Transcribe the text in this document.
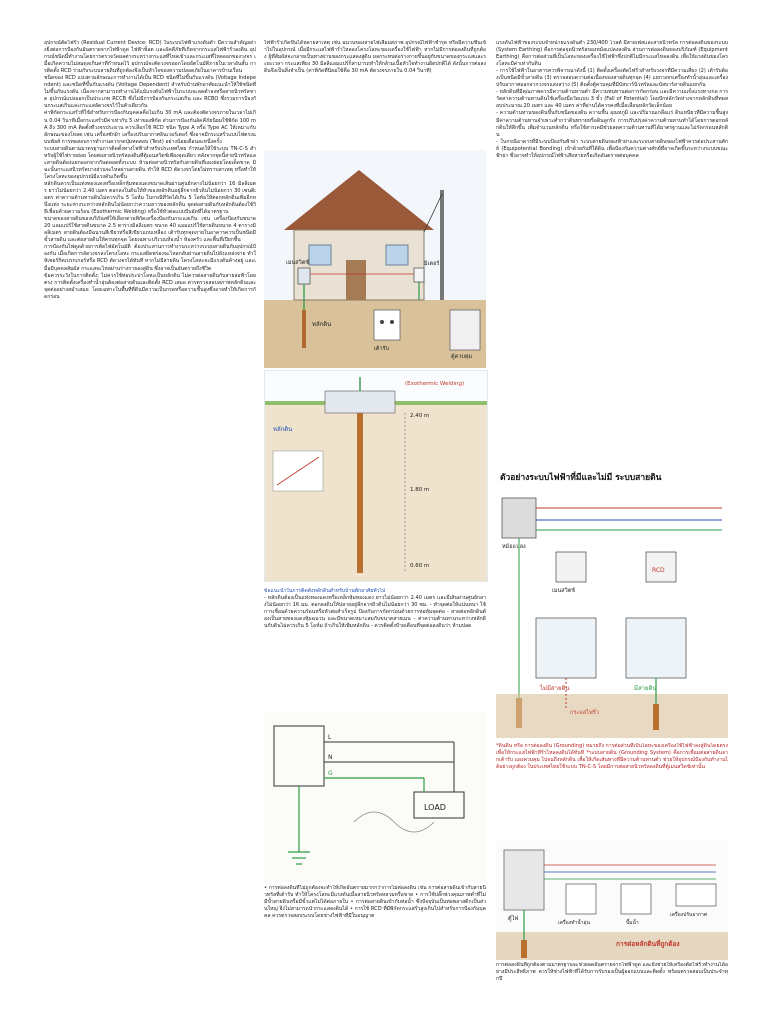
อุปกรณ์ตัดไฟรั่ว (Residual Current Device: RCD) ในระบบไฟฟ้าแรงดันต่ำ มีความสำคัญอย่างยิ่งต่อการป้องกันอันตรายจากไฟฟ้าดูด ไฟฟ้าช็อต และอัคคีภัยที่เกิดจากกระแสไฟฟ้ารั่วลงดิน อุปกรณ์ชนิดนี้ทำงานโดยการตรวจวัดผลต่างระหว่างกระแสที่ไหลเข้าและกระแสที่ไหลออกของวงจร เมื่อเกิดความไม่สมดุลเกินค่าที่กำหนดไว้ อุปกรณ์จะตัดวงจรออกโดยอัตโนมัติภายในเวลาอันสั้น การติดตั้ง RCD ร่วมกับระบบสายดินที่ถูกต้องจึงเป็นหัวใจของความปลอดภัยในอาคารบ้านเรือน

ชนิดของ RCD แบ่งตามลักษณะการทำงานได้เป็น RCD ชนิดที่ไม่ขึ้นกับแรงดัน (Voltage Independent) และชนิดที่ขึ้นกับแรงดัน (Voltage Dependent) สำหรับบ้านพักอาศัยแนะนำให้ใช้ชนิดที่ไม่ขึ้นกับแรงดัน เนื่องจากสามารถทำงานได้แม้แรงดันไฟฟ้าในระบบจะลดต่ำลงหรือสายนิวทรัลขาด อุปกรณ์แบ่งออกเป็นประเภท RCCB ซึ่งไม่มีการป้องกันกระแสเกิน และ RCBO ซึ่งรวมการป้องกันกระแสเกินและกระแสลัดวงจรไว้ในตัวเดียวกัน

ค่าพิกัดกระแสรั่วที่ใช้สำหรับการป้องกันบุคคลคือไม่เกิน 30 mA และต้องตัดวงจรภายในเวลาไม่เกิน 0.04 วินาทีเมื่อกระแสรั่วมีค่าเท่ากับ 5 เท่าของพิกัด ส่วนการป้องกันอัคคีภัยนิยมใช้พิกัด 100 mA ถึง 300 mA ติดตั้งที่วงจรประธาน ควรเลือกใช้ RCD ชนิด Type A หรือ Type AC ให้เหมาะกับลักษณะของโหลด เช่น เครื่องซักผ้า เครื่องปรับอากาศอินเวอร์เตอร์ ซึ่งอาจมีกระแสรั่วแบบไฟตรงแบบพัลส์ การทดสอบการทำงานควรกดปุ่มทดสอบ (Test) อย่างน้อยเดือนละหนึ่งครั้ง

ระบบสายดินตามมาตรฐานการติดตั้งทางไฟฟ้าสำหรับประเทศไทย กำหนดให้ใช้ระบบ TN-C-S สำหรับผู้ใช้ไฟรายย่อย โดยต่อสายนิวทรัลลงดินที่ตู้เมนสวิตช์เพียงจุดเดียว หลังจากจุดนี้สายนิวทรัลและสายดินต้องแยกออกจากกันตลอดทั้งระบบ ห้ามต่อสายนิวทรัลกับสายดินที่แผงย่อยโดยเด็ดขาด มิฉะนั้นกระแสนิวทรัลบางส่วนจะไหลผ่านสายดิน ทำให้ RCD ตัดวงจรโดยไม่ทราบสาเหตุ หรือทำให้โครงโลหะของอุปกรณ์มีแรงดันเกิดขึ้น

หลักดินควรเป็นแท่งทองแดงหรือเหล็กหุ้มทองแดงขนาดเส้นผ่านศูนย์กลางไม่น้อยกว่า 16 มิลลิเมตร ยาวไม่น้อยกว่า 2.40 เมตร ตอกลงในดินให้หัวของหลักดินอยู่ลึกจากผิวดินไม่น้อยกว่า 30 เซนติเมตร ค่าความต้านทานดินไม่ควรเกิน 5 โอห์ม ในกรณีที่วัดได้เกิน 5 โอห์มให้ตอกหลักดินเพิ่มอีกหนึ่งแท่ง ระยะห่างระหว่างหลักดินไม่น้อยกว่าความยาวของหลักดิน จุดต่อสายดินกับหลักดินต้องใช้วิธีเชื่อมด้วยความร้อน (Exothermic Welding) หรือใช้หัวต่อแบบบีบอัดที่ได้มาตรฐาน

ขนาดของสายดินของบริภัณฑ์ให้เลือกตามพิกัดเครื่องป้องกันกระแสเกิน เช่น เครื่องป้องกันขนาด 20 แอมแปร์ใช้สายดินขนาด 2.5 ตารางมิลลิเมตร ขนาด 40 แอมแปร์ใช้สายดินขนาด 4 ตารางมิลลิเมตร สายดินต้องมีฉนวนสีเขียวหรือสีเขียวแถบเหลือง เต้ารับทุกจุดภายในอาคารควรเป็นชนิดมีขั้วสายดิน และต่อสายดินให้ครบทุกจุด โดยเฉพาะบริเวณห้องน้ำ ห้องครัว และพื้นที่เปียกชื้น

การป้องกันไฟดูดด้วยการตัดไฟอัตโนมัติ ต้องประสานการทำงานระหว่างระบบสายดินกับอุปกรณ์ป้องกัน เมื่อเกิดการลัดวงจรลงโครงโลหะ กระแสผิดพร่องจะไหลกลับผ่านสายดินไปยังแหล่งจ่าย ทำให้เซอร์กิตเบรกเกอร์หรือ RCD ตัดวงจรได้ทันที หากไม่มีสายดิน โครงโลหะจะมีแรงดันค้างอยู่ และเมื่อมีบุคคลสัมผัส กระแสจะไหลผ่านร่างกายลงสู่ดิน ซึ่งอาจเป็นอันตรายถึงชีวิต

ข้อควรระวังในการติดตั้ง: ไม่ควรใช้ท่อประปาโลหะเป็นหลักดิน ไม่ควรต่อสายดินกับสายล่อฟ้าโดยตรง การติดตั้งเครื่องทำน้ำอุ่นต้องต่อสายดินและติดตั้ง RCD เสมอ ควรตรวจสอบสภาพหลักดินและจุดต่ออย่างสม่ำเสมอ โดยเฉพาะในพื้นที่ที่ดินมีความเป็นกรดหรือความชื้นสูงซึ่งอาจทำให้เกิดการกัดกร่อน

ไฟฟ้ารั่วเกิดขึ้นได้หลายสาเหตุ เช่น ฉนวนของสายไฟเสื่อมสภาพ อุปกรณ์ไฟฟ้าชำรุด หรือมีความชื้นเข้าไปในอุปกรณ์ เมื่อมีกระแสไฟฟ้ารั่วไหลลงโครงโลหะของเครื่องใช้ไฟฟ้า หากไม่มีการต่อลงดินที่ถูกต้อง ผู้ที่สัมผัสจะกลายเป็นทางผ่านของกระแสลงสู่ดิน ผลกระทบต่อร่างกายขึ้นอยู่กับขนาดของกระแสและระยะเวลา กระแสเพียง 30 มิลลิแอมแปร์ก็สามารถทำให้กล้ามเนื้อหัวใจทำงานผิดปกติได้ ดังนั้นการต่อลงดินจึงเป็นสิ่งจำเป็น (ค่าพิกัดที่นิยมใช้คือ 30 mA ตัดวงจรภายใน 0.04 วินาที)

หลักดิน
เมนสวิตช์	มิเตอร์
ตู้ควบคุม
เต้ารับ
2.40 m
1.80 m
0.60 m
(Exothermic Welding)
หลักดิน

ข้อแนะนำในการติดตั้งหลักดินสำหรับบ้านพักอาศัยทั่วไป

- หลักดินต้องเป็นแท่งทองแดงหรือเหล็กหุ้มทองแดง ยาวไม่น้อยกว่า 2.40 เมตร และมีเส้นผ่านศูนย์กลางไม่น้อยกว่า 16 มม. ตอกลงดินให้ปลายอยู่ลึกจากผิวดินไม่น้อยกว่า 30 ซม. - ทำจุดต่อให้แน่นหนา ใช้การเชื่อมด้วยความร้อนหรือหัวต่อสำเร็จรูป ป้องกันการกัดกร่อนด้วยการห่อหุ้มจุดต่อ - สายต่อหลักดินต้องเป็นสายทองแดงหุ้มฉนวน และมีขนาดเหมาะสมกับขนาดสายเมน - ค่าความต้านทานระหว่างหลักดินกับดินไม่ควรเกิน 5 โอห์ม ถ้าเกินให้เพิ่มหลักดิน - ควรติดตั้งป้ายเตือนที่จุดต่อลงดินว่า ห้ามปลด

LOAD
L
N
G

• การต่อลงดินที่ไม่ถูกต้องจะทำให้เกิดอันตรายมากกว่าการไม่ต่อลงดิน เช่น การต่อสายดินเข้ากับสายนิวทรัลที่เต้ารับ ทำให้โครงโลหะมีแรงดันเมื่อสายนิวทรัลหลวมหรือขาด • การใช้ปลั๊กพ่วงคุณภาพต่ำที่ไม่มีขั้วสายดินหรือมีขั้วแต่ไม่ได้ต่อภายใน • การต่อสายดินเข้ากับท่อน้ำ ซึ่งปัจจุบันเป็นท่อพลาสติกเป็นส่วนใหญ่ จึงไม่สามารถนำกระแสลงดินได้ • การใช้ RCD ที่มีพิกัดกระแสรั่วสูงเกินไปสำหรับการป้องกันบุคคล ควรตรวจสอบระบบโดยช่างไฟฟ้าที่มีใบอนุญาต

แรงดันไฟฟ้าของระบบจำหน่ายแรงดันต่ำ 230/400 โวลต์ มีสายเฟสและสายนิวทรัล การต่อลงดินของระบบ (System Earthing) คือการต่อจุดนิวทรัลของหม้อแปลงลงดิน ส่วนการต่อลงดินของบริภัณฑ์ (Equipment Earthing) คือการต่อส่วนที่เป็นโลหะของเครื่องใช้ไฟฟ้าซึ่งปกติไม่มีกระแสไหลลงดิน เพื่อให้แรงดันของโครงโลหะมีค่าเท่ากับดิน

- การใช้ไฟฟ้าในอาคารควรพิจารณาดังนี้ (1) ติดตั้งเครื่องตัดไฟรั่วสำหรับวงจรที่มีความเสี่ยง (2) เต้ารับต้องเป็นชนิดมีขั้วสายดิน (3) ตรวจสอบความต่อเนื่องของสายดินทุกจุด (4) แยกวงจรเครื่องทำน้ำอุ่นและเครื่องปรับอากาศออกจากวงจรแสงสว่าง (5) ติดตั้งตู้ควบคุมที่มีบัสบาร์นิวทรัลและบัสบาร์สายดินแยกกัน

- หลักดินที่มีคุณภาพควรมีความต้านทานต่ำ มีความทนทานต่อการกัดกร่อน และมีความแข็งแรงทางกล การวัดค่าความต้านทานดินใช้เครื่องมือวัดแบบ 3 ขั้ว (Fall of Potential) โดยปักหลักวัดห่างจากหลักดินที่ทดสอบประมาณ 20 เมตร และ 40 เมตร ค่าที่อ่านได้ควรคงที่เมื่อเลื่อนหลักวัดเล็กน้อย

- ความต้านทานของดินขึ้นกับชนิดของดิน ความชื้น อุณหภูมิ และปริมาณเกลือแร่ ดินเหนียวที่มีความชื้นสูงมีค่าความต้านทานจำเพาะต่ำกว่าดินทรายหรือดินลูกรัง การปรับปรุงค่าความต้านทานทำได้โดยการตอกหลักดินให้ลึกขึ้น เพิ่มจำนวนหลักดิน หรือใช้สารเคมีช่วยลดความต้านทานที่ได้มาตรฐานและไม่กัดกร่อนหลักดิน

- ในกรณีอาคารที่มีระบบป้องกันฟ้าผ่า ระบบสายดินของฟ้าผ่าและระบบสายดินของไฟฟ้าควรต่อประสานศักย์ (Equipotential Bonding) เข้าด้วยกันที่ใต้ดิน เพื่อป้องกันความต่างศักย์ที่อาจเกิดขึ้นระหว่างระบบขณะฟ้าผ่า ซึ่งอาจทำให้อุปกรณ์ไฟฟ้าเสียหายหรือเกิดอันตรายต่อบุคคล

ตัวอย่างระบบไฟฟ้าที่มีและไม่มี ระบบสายดิน
หม้อแปลง
เมนสวิตช์
RCD
ไม่มีสายดิน	มีสายดิน
กระแสไฟรั่ว

*ดินดิน หรือ การต่อลงดิน (Grounding) หมายถึง การต่อส่วนที่เป็นโลหะของเครื่องใช้ไฟฟ้าลงสู่ดินโดยตรง เพื่อให้กระแสไฟฟ้าที่รั่วไหลลงดินได้ทันที *ระบบสายดิน (Grounding System) คือการเชื่อมต่อสายดินจากเต้ารับ แผงควบคุม ไปจนถึงหลักดิน เพื่อให้เกิดเส้นทางที่มีความต้านทานต่ำ ช่วยให้อุปกรณ์ป้องกันทำงานได้อย่างถูกต้อง ในประเทศไทยใช้ระบบ TN-C-S โดยมีการต่อสายนิวทรัลลงดินที่ตู้เมนสวิตช์เท่านั้น

ตู้ไฟ
เครื่องทำน้ำอุ่น	ปั๊มน้ำ
เครื่องปรับอากาศ
การต่อหลักดินที่ถูกต้อง

การต่อลงดินที่ถูกต้องตามมาตรฐานจะช่วยลดอันตรายจากไฟฟ้าดูด และยังช่วยให้เครื่องตัดไฟรั่วทำงานได้อย่างมีประสิทธิภาพ ควรให้ช่างไฟฟ้าที่ได้รับการรับรองเป็นผู้ออกแบบและติดตั้ง พร้อมตรวจสอบเป็นประจำทุกปี
